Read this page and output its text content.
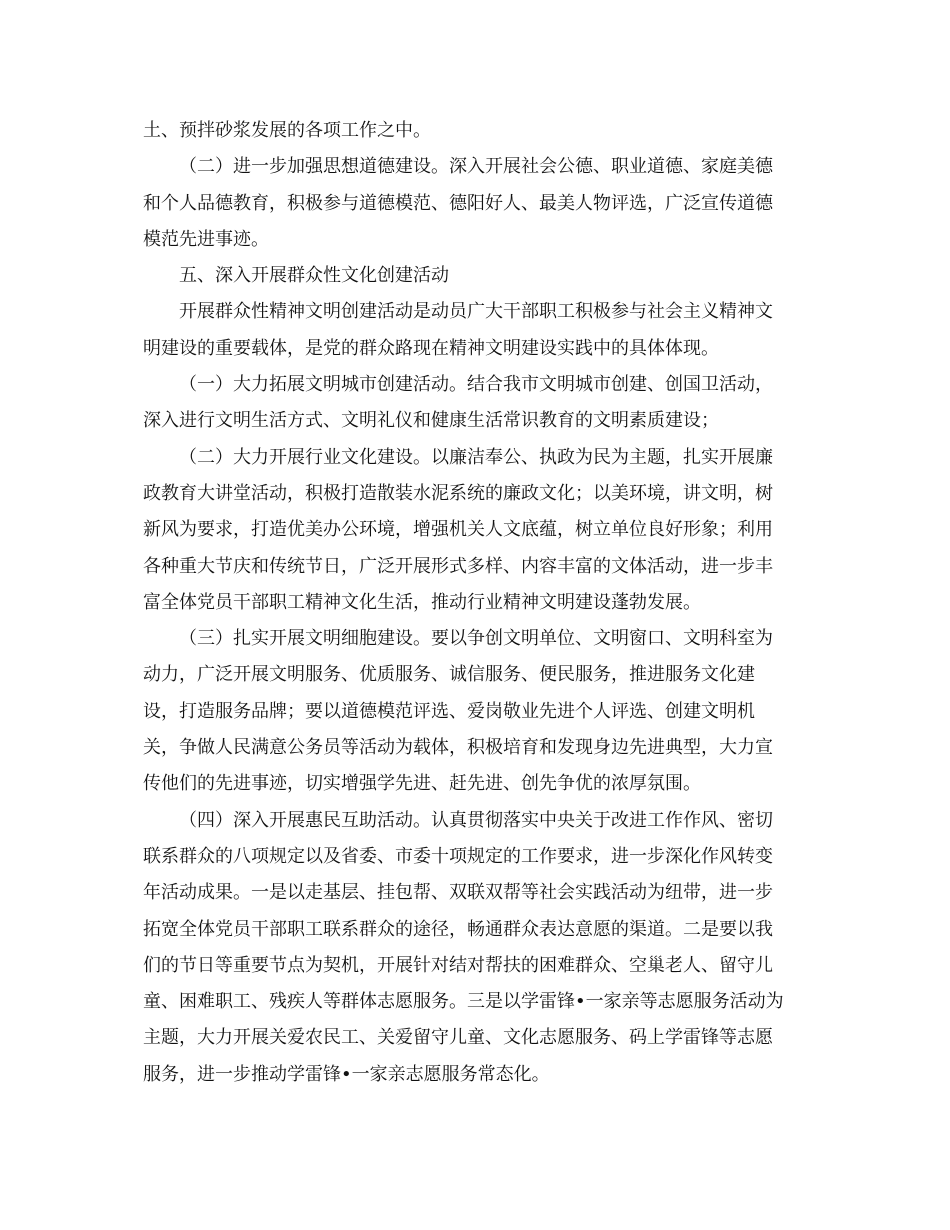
土、预拌砂浆发展的各项工作之中。

（二）进一步加强思想道德建设。深入开展社会公德、职业道德、家庭美德
和个人品德教育，积极参与道德模范、德阳好人、最美人物评选，广泛宣传道德
模范先进事迹。

五、深入开展群众性文化创建活动

开展群众性精神文明创建活动是动员广大干部职工积极参与社会主义精神文
明建设的重要载体，是党的群众路现在精神文明建设实践中的具体体现。

（一）大力拓展文明城市创建活动。结合我市文明城市创建、创国卫活动，
深入进行文明生活方式、文明礼仪和健康生活常识教育的文明素质建设；

（二）大力开展行业文化建设。以廉洁奉公、执政为民为主题，扎实开展廉
政教育大讲堂活动，积极打造散装水泥系统的廉政文化；以美环境，讲文明，树
新风为要求，打造优美办公环境，增强机关人文底蕴，树立单位良好形象；利用
各种重大节庆和传统节日，广泛开展形式多样、内容丰富的文体活动，进一步丰
富全体党员干部职工精神文化生活，推动行业精神文明建设蓬勃发展。

（三）扎实开展文明细胞建设。要以争创文明单位、文明窗口、文明科室为
动力，广泛开展文明服务、优质服务、诚信服务、便民服务，推进服务文化建
设，打造服务品牌；要以道德模范评选、爱岗敬业先进个人评选、创建文明机
关，争做人民满意公务员等活动为载体，积极培育和发现身边先进典型，大力宣
传他们的先进事迹，切实增强学先进、赶先进、创先争优的浓厚氛围。

（四）深入开展惠民互助活动。认真贯彻落实中央关于改进工作作风、密切
联系群众的八项规定以及省委、市委十项规定的工作要求，进一步深化作风转变
年活动成果。一是以走基层、挂包帮、双联双帮等社会实践活动为纽带，进一步
拓宽全体党员干部职工联系群众的途径，畅通群众表达意愿的渠道。二是要以我
们的节日等重要节点为契机，开展针对结对帮扶的困难群众、空巢老人、留守儿
童、困难职工、残疾人等群体志愿服务。三是以学雷锋•一家亲等志愿服务活动为
主题，大力开展关爱农民工、关爱留守儿童、文化志愿服务、码上学雷锋等志愿
服务，进一步推动学雷锋•一家亲志愿服务常态化。
